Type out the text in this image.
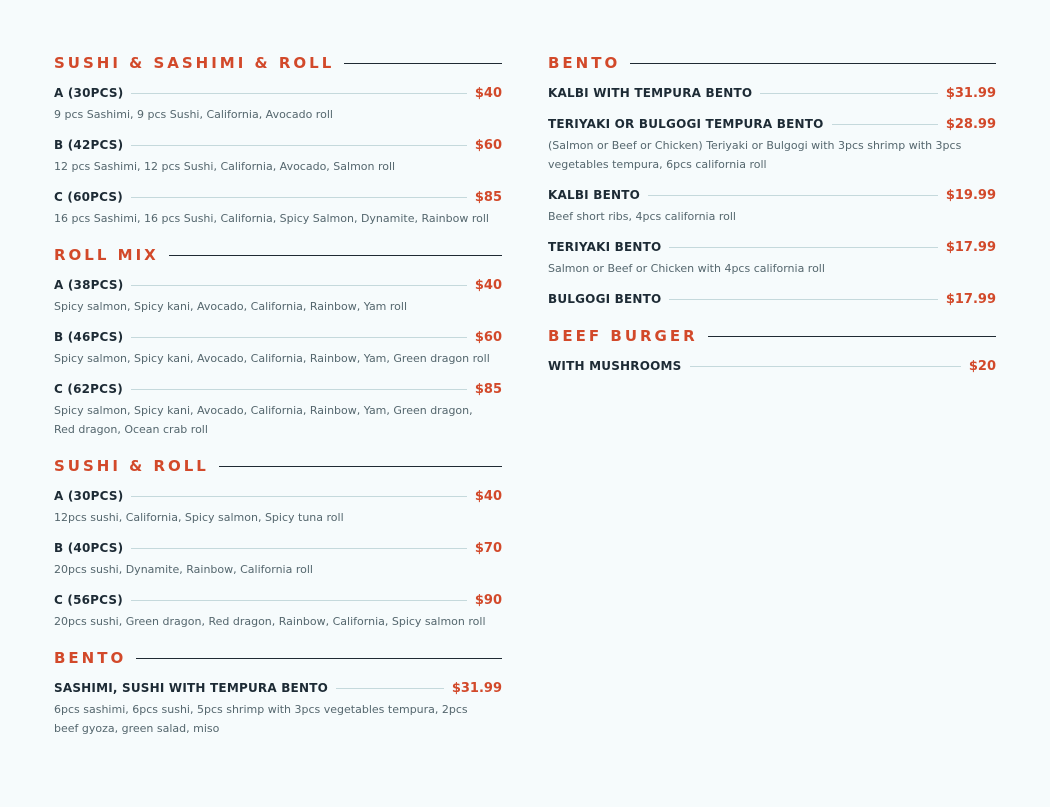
SUSHI & SASHIMI & ROLL
A (30PCS)	$40
9 pcs Sashimi, 9 pcs Sushi, California, Avocado roll
B (42PCS)	$60
12 pcs Sashimi, 12 pcs Sushi, California, Avocado, Salmon roll
C (60PCS)	$85
16 pcs Sashimi, 16 pcs Sushi, California, Spicy Salmon, Dynamite, Rainbow roll
ROLL MIX
A (38PCS)	$40
Spicy salmon, Spicy kani, Avocado, California, Rainbow, Yam roll
B (46PCS)	$60
Spicy salmon, Spicy kani, Avocado, California, Rainbow, Yam, Green dragon roll
C (62PCS)	$85
Spicy salmon, Spicy kani, Avocado, California, Rainbow, Yam, Green dragon, Red dragon, Ocean crab roll
SUSHI & ROLL
A (30PCS)	$40
12pcs sushi, California, Spicy salmon, Spicy tuna roll
B (40PCS)	$70
20pcs sushi, Dynamite, Rainbow, California roll
C (56PCS)	$90
20pcs sushi, Green dragon, Red dragon, Rainbow, California, Spicy salmon roll
BENTO
SASHIMI, SUSHI WITH TEMPURA BENTO	$31.99
6pcs sashimi, 6pcs sushi, 5pcs shrimp with 3pcs vegetables tempura, 2pcs beef gyoza, green salad, miso
BENTO
KALBI WITH TEMPURA BENTO	$31.99
TERIYAKI OR BULGOGI TEMPURA BENTO	$28.99
(Salmon or Beef or Chicken) Teriyaki or Bulgogi with 3pcs shrimp with 3pcs vegetables tempura, 6pcs california roll
KALBI BENTO	$19.99
Beef short ribs, 4pcs california roll
TERIYAKI BENTO	$17.99
Salmon or Beef or Chicken with 4pcs california roll
BULGOGI BENTO	$17.99
BEEF BURGER
WITH MUSHROOMS	$20
